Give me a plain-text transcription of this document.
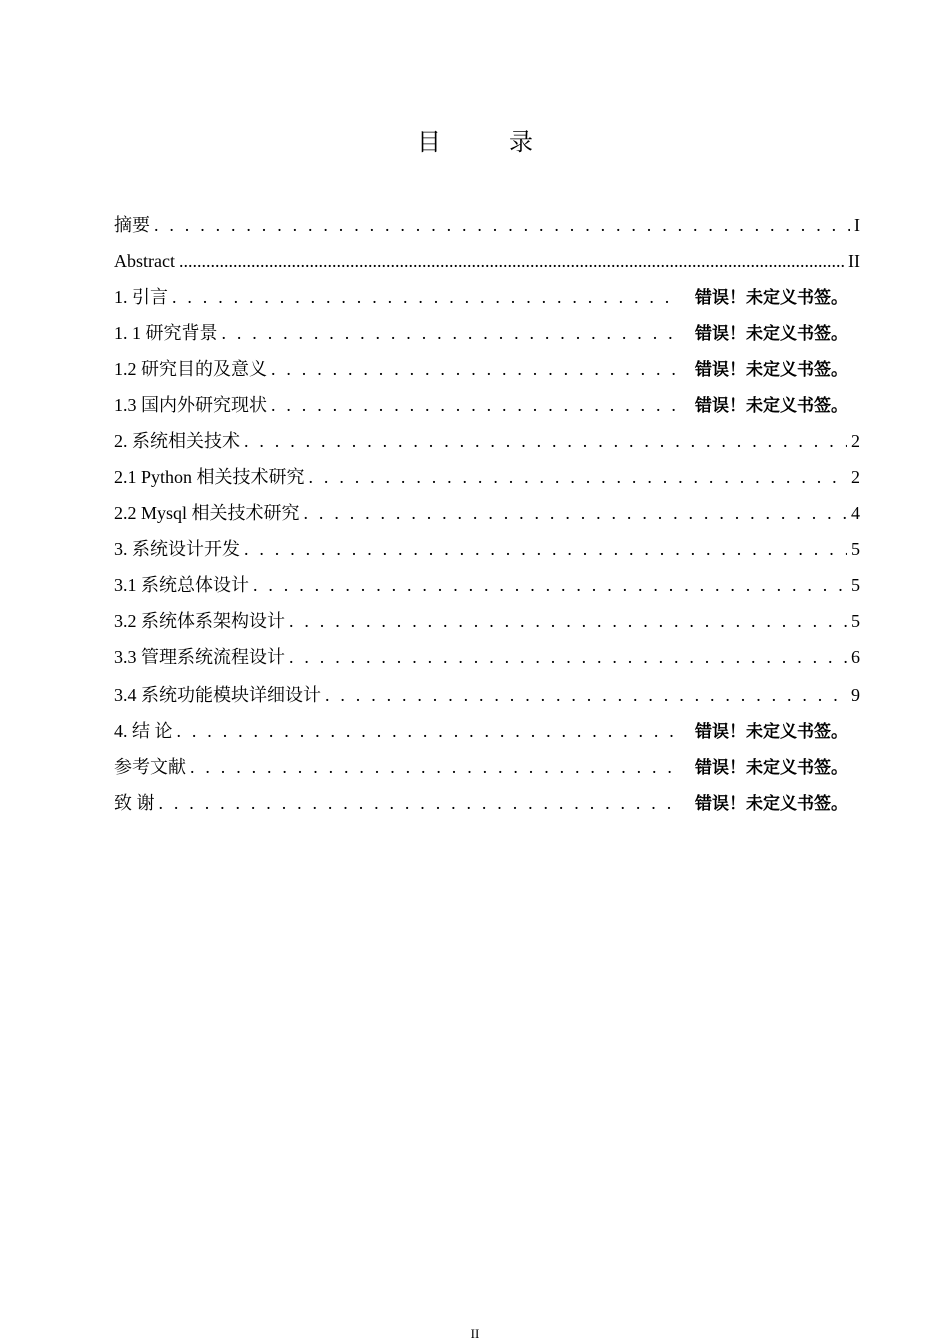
目　录
摘要 . . .	I
Abstract .....	II
1. 引言 . . .	错误！未定义书签。
1. 1 研究背景 . . .	错误！未定义书签。
1.2 研究目的及意义 . . .	错误！未定义书签。
1.3 国内外研究现状 . . .	错误！未定义书签。
2. 系统相关技术 . . .	2
2.1 Python 相关技术研究 . . .	2
2.2 Mysql 相关技术研究 . . .	4
3. 系统设计开发 . . .	5
3.1 系统总体设计 . . .	5
3.2 系统体系架构设计 . . .	5
3.3 管理系统流程设计 . . .	6
3.4 系统功能模块详细设计 . . .	9
4. 结 论 . . .	错误！未定义书签。
参考文献 . . .	错误！未定义书签。
致 谢 . . .	错误！未定义书签。
II
